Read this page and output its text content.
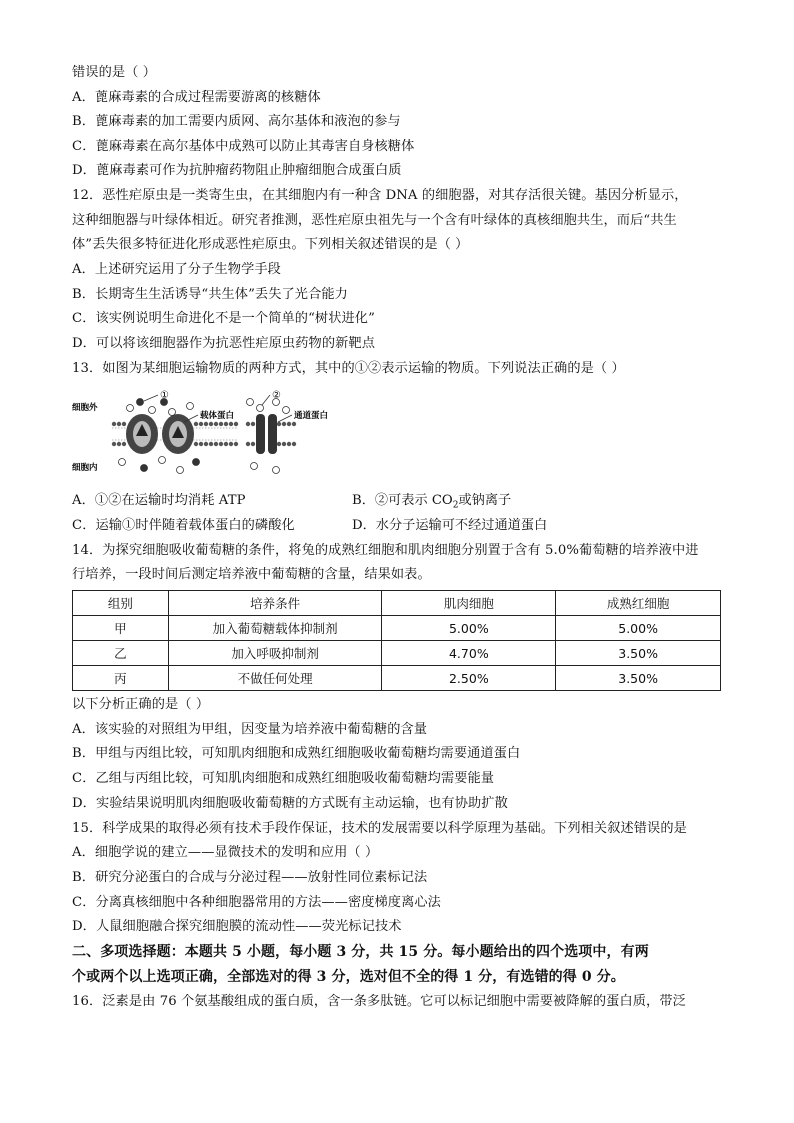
错误的是（ ）
A．蓖麻毒素的合成过程需要游离的核糖体
B．蓖麻毒素的加工需要内质网、高尔基体和液泡的参与
C．蓖麻毒素在高尔基体中成熟可以防止其毒害自身核糖体
D．蓖麻毒素可作为抗肿瘤药物阻止肿瘤细胞合成蛋白质
12．恶性疟原虫是一类寄生虫，在其细胞内有一种含 DNA 的细胞器，对其存活很关键。基因分析显示，
这种细胞器与叶绿体相近。研究者推测，恶性疟原虫祖先与一个含有叶绿体的真核细胞共生，而后“共生
体”丢失很多特征进化形成恶性疟原虫。下列相关叙述错误的是（ ）
A．上述研究运用了分子生物学手段
B．长期寄生生活诱导“共生体”丢失了光合能力
C．该实例说明生命进化不是一个简单的“树状进化”
D．可以将该细胞器作为抗恶性疟原虫药物的新靶点
13．如图为某细胞运输物质的两种方式，其中的①②表示运输的物质。下列说法正确的是（ ）
细胞外
细胞内
载体蛋白	通道蛋白
①	②
A．①②在运输时均消耗 ATP	B．②可表示 $CO_2$或钠离子
C．运输①时伴随着载体蛋白的磷酸化	D．水分子运输可不经过通道蛋白
14．为探究细胞吸收葡萄糖的条件，将兔的成熟红细胞和肌肉细胞分别置于含有 5.0%葡萄糖的培养液中进
行培养，一段时间后测定培养液中葡萄糖的含量，结果如表。
组别	培养条件	肌肉细胞	成熟红细胞
甲	加入葡萄糖载体抑制剂	5.00%	5.00%
乙	加入呼吸抑制剂	4.70%	3.50%
丙	不做任何处理	2.50%	3.50%
以下分析正确的是（ ）
A．该实验的对照组为甲组，因变量为培养液中葡萄糖的含量
B．甲组与丙组比较，可知肌肉细胞和成熟红细胞吸收葡萄糖均需要通道蛋白
C．乙组与丙组比较，可知肌肉细胞和成熟红细胞吸收葡萄糖均需要能量
D．实验结果说明肌肉细胞吸收葡萄糖的方式既有主动运输，也有协助扩散
15．科学成果的取得必须有技术手段作保证，技术的发展需要以科学原理为基础。下列相关叙述错误的是
A．细胞学说的建立——显微技术的发明和应用（ ）
B．研究分泌蛋白的合成与分泌过程——放射性同位素标记法
C．分离真核细胞中各种细胞器常用的方法——密度梯度离心法
D．人鼠细胞融合探究细胞膜的流动性——荧光标记技术
二、多项选择题：本题共 5 小题，每小题 3 分，共 15 分。每小题给出的四个选项中，有两
个或两个以上选项正确，全部选对的得 3 分，选对但不全的得 1 分，有选错的得 0 分。
16．泛素是由 76 个氨基酸组成的蛋白质，含一条多肽链。它可以标记细胞中需要被降解的蛋白质，带泛
